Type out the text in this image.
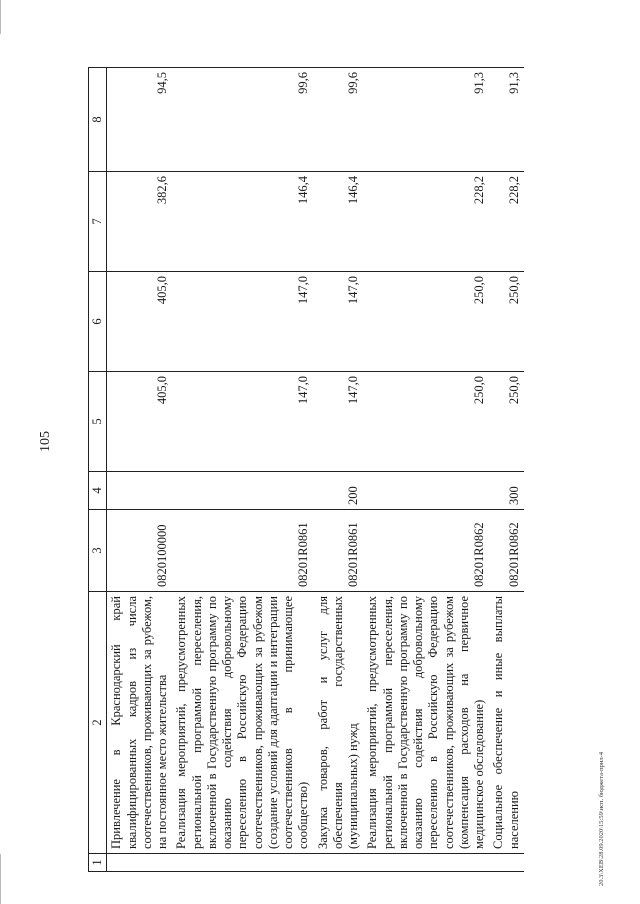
105
20.3\ХЕВ\28.09.2020\15:59\исп. бюджета-прил-4
1	2	3	4	5	6	7	8
	Привлечение в Краснодарский край квалифицированных кадров из числа соотечественников, проживающих за рубежом, на постоянное место жительства	0820100000		405,0	405,0	382,6	94,5
	Реализация мероприятий, предусмотренных региональной программой переселения, включенной в Государственную программу по оказанию содействия добровольному переселению в Российскую Федерацию соотечественников, проживающих за рубежом (создание условий для адаптации и интеграции соотечественников в принимающее сообщество)	08201R0861		147,0	147,0	146,4	99,6
	Закупка товаров, работ и услуг для обеспечения государственных (муниципальных) нужд	08201R0861	200	147,0	147,0	146,4	99,6
	Реализация мероприятий, предусмотренных региональной программой переселения, включенной в Государственную программу по оказанию содействия добровольному переселению в Российскую Федерацию соотечественников, проживающих за рубежом (компенсация расходов на первичное медицинское обследование)	08201R0862		250,0	250,0	228,2	91,3
	Социальное обеспечение и иные выплаты населению	08201R0862	300	250,0	250,0	228,2	91,3
